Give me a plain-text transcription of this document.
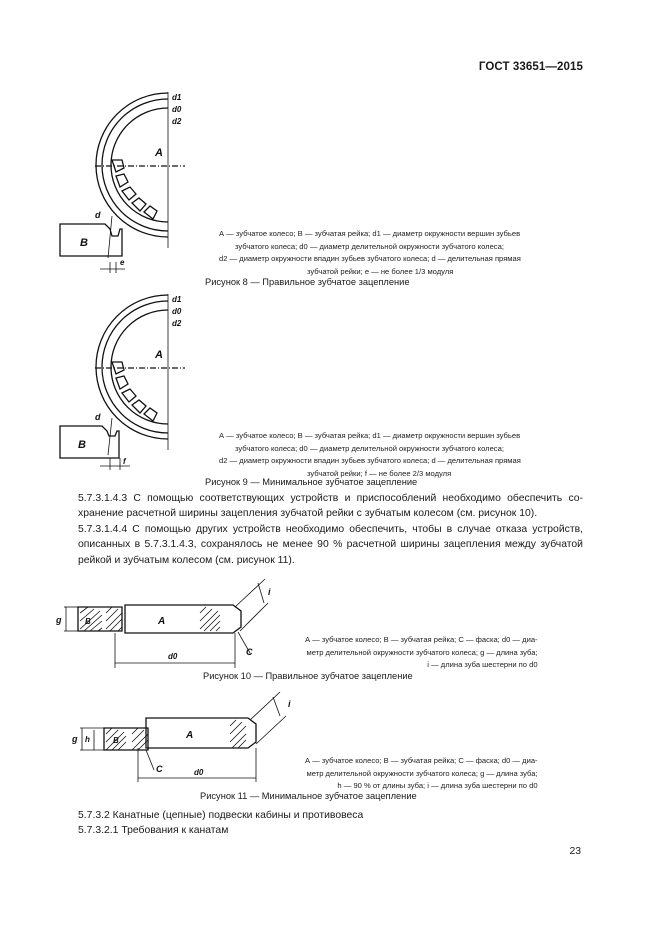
ГОСТ 33651—2015
A
B
d
e
d1
d0
d2
А — зубчатое колесо; В — зубчатая рейка; d1 — диаметр окружности вершин зубьев
зубчатого колеса; d0 — диаметр делительной окружности зубчатого колеса;
d2 — диаметр окружности впадин зубьев зубчатого колеса; d — делительная прямая
зубчатой рейки; e — не более 1/3 модуля
Рисунок 8 — Правильное зубчатое зацепление
A
B
d
f
d1
d0
d2
А — зубчатое колесо; В — зубчатая рейка; d1 — диаметр окружности вершин зубьев
зубчатого колеса; d0 — диаметр делительной окружности зубчатого колеса;
d2 — диаметр окружности впадин зубьев зубчатого колеса; d — делительная прямая
зубчатой рейки; f — не более 2/3 модуля
Рисунок 9 — Минимальное зубчатое зацепление

5.7.3.1.4.3 С помощью соответствующих устройств и приспособлений необходимо обеспечить со-хранение расчетной ширины зацепления зубчатой рейки с зубчатым колесом (см. рисунок 10).

5.7.3.1.4.4 С помощью других устройств необходимо обеспечить, чтобы в случае отказа устройств, описанных в 5.7.3.1.4.3, сохранялось не менее 90 % расчетной ширины зацепления между зубчатой рейкой и зубчатым колесом (см. рисунок 11).

A
B
C
g
i
d0
А — зубчатое колесо; В — зубчатая рейка; С — фаска; d0 — диа-
метр делительной окружности зубчатого колеса; g — длина зуба;
i — длина зуба шестерни по d0
Рисунок 10 — Правильное зубчатое зацепление
A
B
C
g h
i
d0
А — зубчатое колесо; В — зубчатая рейка; С — фаска; d0 — диа-
метр делительной окружности зубчатого колеса; g — длина зуба;
h — 90 % от длины зуба; i — длина зуба шестерни по d0
Рисунок 11 — Минимальное зубчатое зацепление
5.7.3.2 Канатные (цепные) подвески кабины и противовеса
5.7.3.2.1 Требования к канатам
23
